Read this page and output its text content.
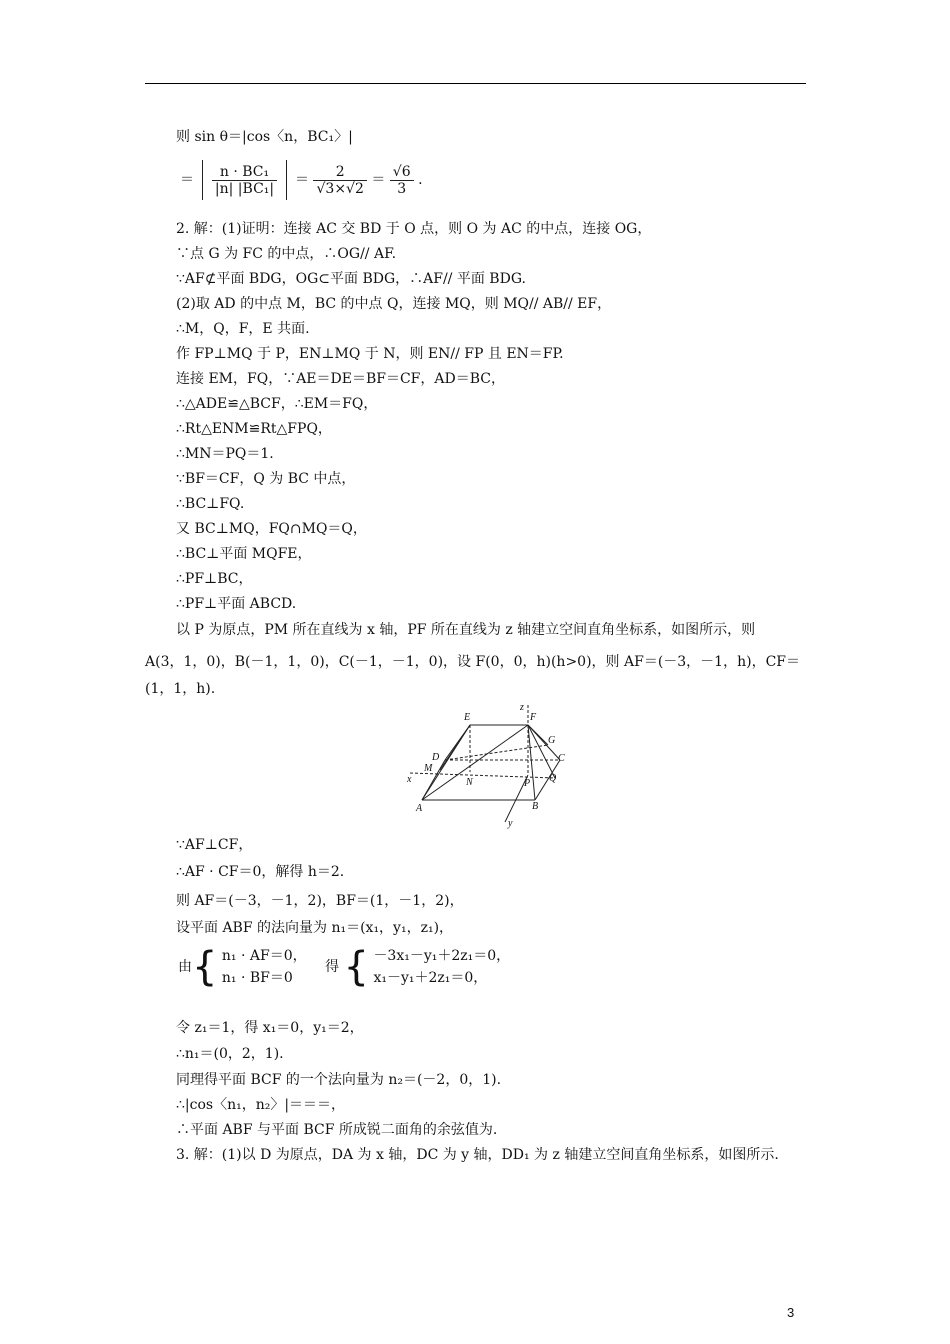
则 sin θ＝|cos〈n，BC₁〉|
＝ $\frac{\text{n · BC₁}}{\text{|n| |BC₁|}} = \frac{2}{√3\times√2} = \frac{√6}{3}$ .
2. 解：(1)证明：连接 AC 交 BD 于 O 点，则 O 为 AC 的中点，连接 OG，
∵点 G 为 FC 的中点，∴OG// AF.
∵AF⊄平面 BDG，OG⊂平面 BDG，∴AF// 平面 BDG.
(2)取 AD 的中点 M，BC 的中点 Q，连接 MQ，则 MQ// AB// EF，
∴M，Q，F，E 共面.
作 FP⊥MQ 于 P，EN⊥MQ 于 N，则 EN// FP 且 EN＝FP.
连接 EM，FQ，∵AE＝DE＝BF＝CF，AD＝BC，
∴△ADE≌△BCF，∴EM＝FQ，
∴Rt△ENM≌Rt△FPQ，
∴MN＝PQ＝1.
∵BF＝CF，Q 为 BC 中点，
∴BC⊥FQ.
又 BC⊥MQ，FQ∩MQ＝Q，
∴BC⊥平面 MQFE，
∴PF⊥BC，
∴PF⊥平面 ABCD.
以 P 为原点，PM 所在直线为 x 轴，PF 所在直线为 z 轴建立空间直角坐标系，如图所示，则
A(3，1，0)，B(－1，1，0)，C(－1，－1，0)，设 F(0，0，h)(h>0)，则 AF＝(－3，－1，h)，CF＝
(1，1，h).
E	F
G
C
D
M
N	P Q
A	B
x
y
z
∵AF⊥CF，
∴AF · CF＝0，解得 h＝2.
则 AF＝(－3，－1，2)，BF＝(1，－1，2)，
设平面 ABF 的法向量为 n₁＝(x₁，y₁，z₁)，
由{ n₁ · AF＝0，
n₁ · BF＝0 得 { －3x₁－y₁＋2z₁＝0，
x₁－y₁＋2z₁＝0，
令 z₁＝1，得 x₁＝0，y₁＝2，
∴n₁＝(0，2，1).
同理得平面 BCF 的一个法向量为 n₂＝(－2，0，1).
∴|cos〈n₁，n₂〉|＝＝＝，
∴平面 ABF 与平面 BCF 所成锐二面角的余弦值为.
3. 解：(1)以 D 为原点，DA 为 x 轴，DC 为 y 轴，DD₁ 为 z 轴建立空间直角坐标系，如图所示.
3
